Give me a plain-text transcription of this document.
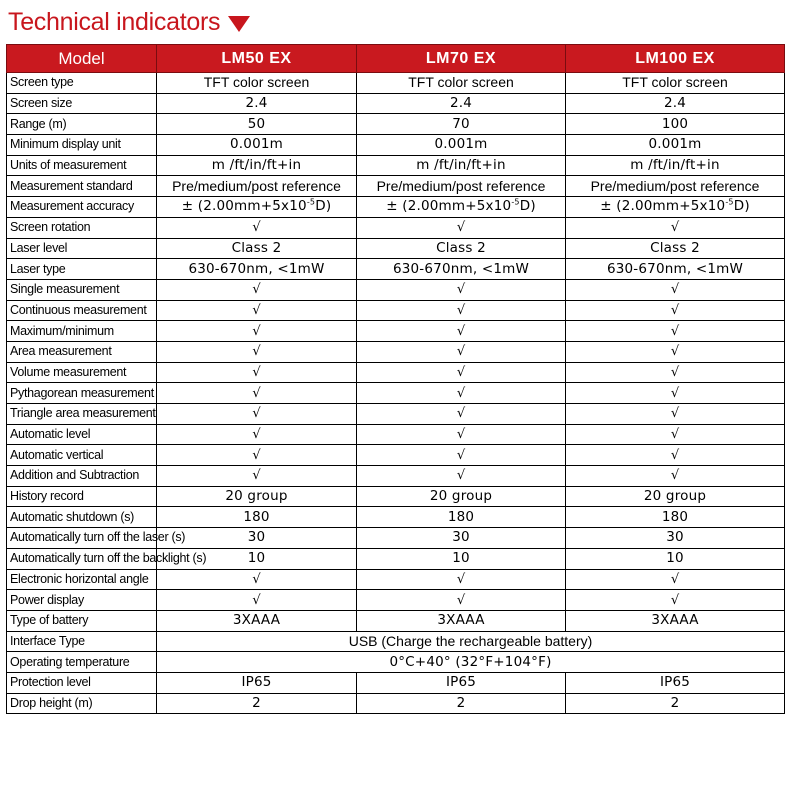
Technical indicators
Model	LM50 EX	LM70 EX	LM100 EX
Screen type	TFT color screen	TFT color screen	TFT color screen
Screen size	2.4	2.4	2.4
Range (m)	50	70	100
Minimum display unit	0.001m	0.001m	0.001m
Units of measurement	m /ft/in/ft+in	m /ft/in/ft+in	m /ft/in/ft+in
Measurement standard	Pre/medium/post reference	Pre/medium/post reference	Pre/medium/post reference
Measurement accuracy	± $(2.00mm+5x10^{-5}D)$	± $(2.00mm+5x10^{-5}D)$	± $(2.00mm+5x10^{-5}D)$
Screen rotation	√	√	√
Laser level	Class 2	Class 2	Class 2
Laser type	630-670nm, <1mW	630-670nm, <1mW	630-670nm, <1mW
Single measurement	√	√	√
Continuous measurement	√	√	√
Maximum/minimum	√	√	√
Area measurement	√	√	√
Volume measurement	√	√	√
Pythagorean measurement	√	√	√
Triangle area measurement	√	√	√
Automatic level	√	√	√
Automatic vertical	√	√	√
Addition and Subtraction	√	√	√
History record	20 group	20 group	20 group
Automatic shutdown (s)	180	180	180
Automatically turn off the laser (s)	30	30	30
Automatically turn off the backlight (s)	10	10	10
Electronic horizontal angle	√	√	√
Power display	√	√	√
Type of battery	3XAAA	3XAAA	3XAAA
Interface Type	USB (Charge the rechargeable battery)		
Operating temperature	0°C+40° (32°F+104°F)		
Protection level	IP65	IP65	IP65
Drop height (m)	2	2	2
